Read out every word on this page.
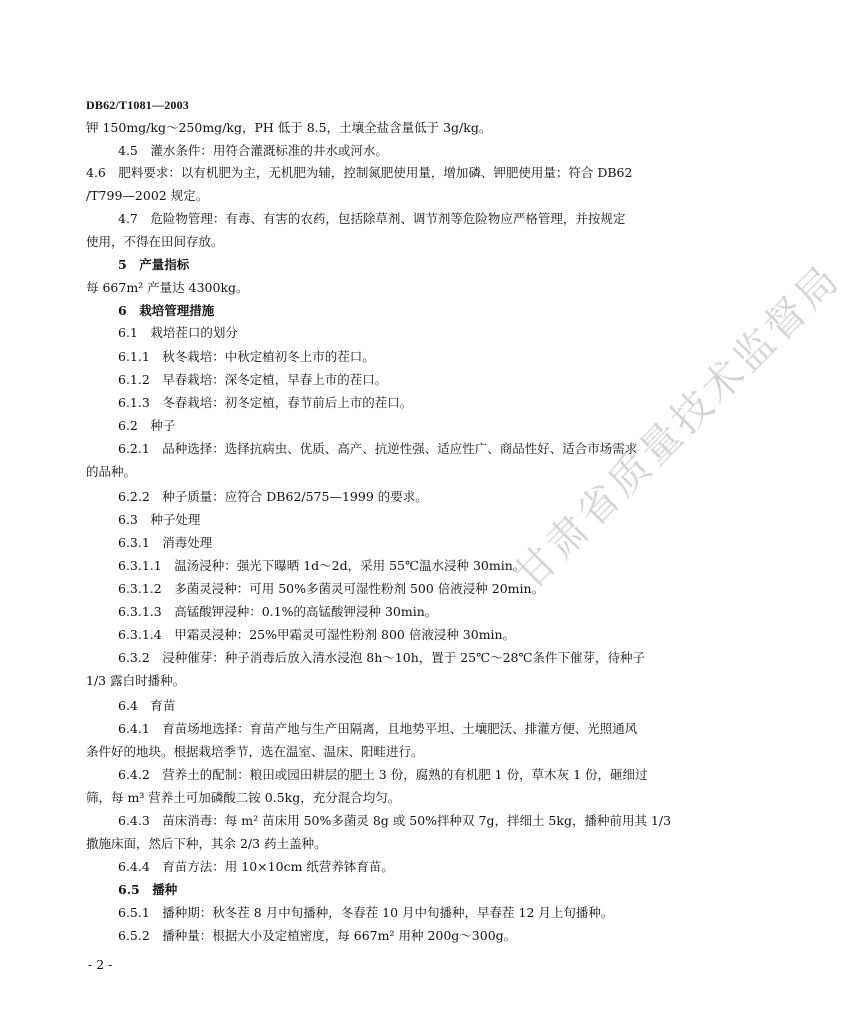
DB62/T1081—2003
钾 150mg/kg～250mg/kg，PH 低于 8.5，土壤全盐含量低于 3g/kg。
4.5　灌水条件：用符合灌溉标准的井水或河水。
4.6　肥料要求：以有机肥为主，无机肥为辅，控制氮肥使用量，增加磷、钾肥使用量；符合 DB62
/T799—2002 规定。
4.7　危险物管理：有毒、有害的农药，包括除草剂、调节剂等危险物应严格管理，并按规定
使用，不得在田间存放。
5　产量指标
每 667m² 产量达 4300kg。
6　栽培管理措施
6.1　栽培茬口的划分
6.1.1　秋冬栽培：中秋定植初冬上市的茬口。
6.1.2　早春栽培：深冬定植，早春上市的茬口。
6.1.3　冬春栽培：初冬定植，春节前后上市的茬口。
6.2　种子
6.2.1　品种选择：选择抗病虫、优质、高产、抗逆性强、适应性广、商品性好、适合市场需求
的品种。
6.2.2　种子质量：应符合 DB62/575—1999 的要求。
6.3　种子处理
6.3.1　消毒处理
6.3.1.1　温汤浸种：强光下曝晒 1d～2d，采用 55℃温水浸种 30min。
6.3.1.2　多菌灵浸种：可用 50%多菌灵可湿性粉剂 500 倍液浸种 20min。
6.3.1.3　高锰酸钾浸种：0.1%的高锰酸钾浸种 30min。
6.3.1.4　甲霜灵浸种：25%甲霜灵可湿性粉剂 800 倍液浸种 30min。
6.3.2　浸种催芽：种子消毒后放入清水浸泡 8h～10h，置于 25℃～28℃条件下催芽，待种子
1/3 露白时播种。
6.4　育苗
6.4.1　育苗场地选择：育苗产地与生产田隔离，且地势平坦、土壤肥沃、排灌方便、光照通风
条件好的地块。根据栽培季节，选在温室、温床、阳畦进行。
6.4.2　营养土的配制：粮田或园田耕层的肥土 3 份，腐熟的有机肥 1 份，草木灰 1 份，砸细过
筛，每 m³ 营养土可加磷酸二铵 0.5kg，充分混合均匀。
6.4.3　苗床消毒：每 m² 苗床用 50%多菌灵 8g 或 50%拌种双 7g，拌细土 5kg，播种前用其 1/3
撒施床面，然后下种，其余 2/3 药土盖种。
6.4.4　育苗方法：用 10×10cm 纸营养钵育苗。
6.5　播种
6.5.1　播种期：秋冬茬 8 月中旬播种，冬春茬 10 月中旬播种，早春茬 12 月上旬播种。
6.5.2　播种量：根据大小及定植密度，每 667m² 用种 200g～300g。
甘肃省质量技术监督局
- 2 -
